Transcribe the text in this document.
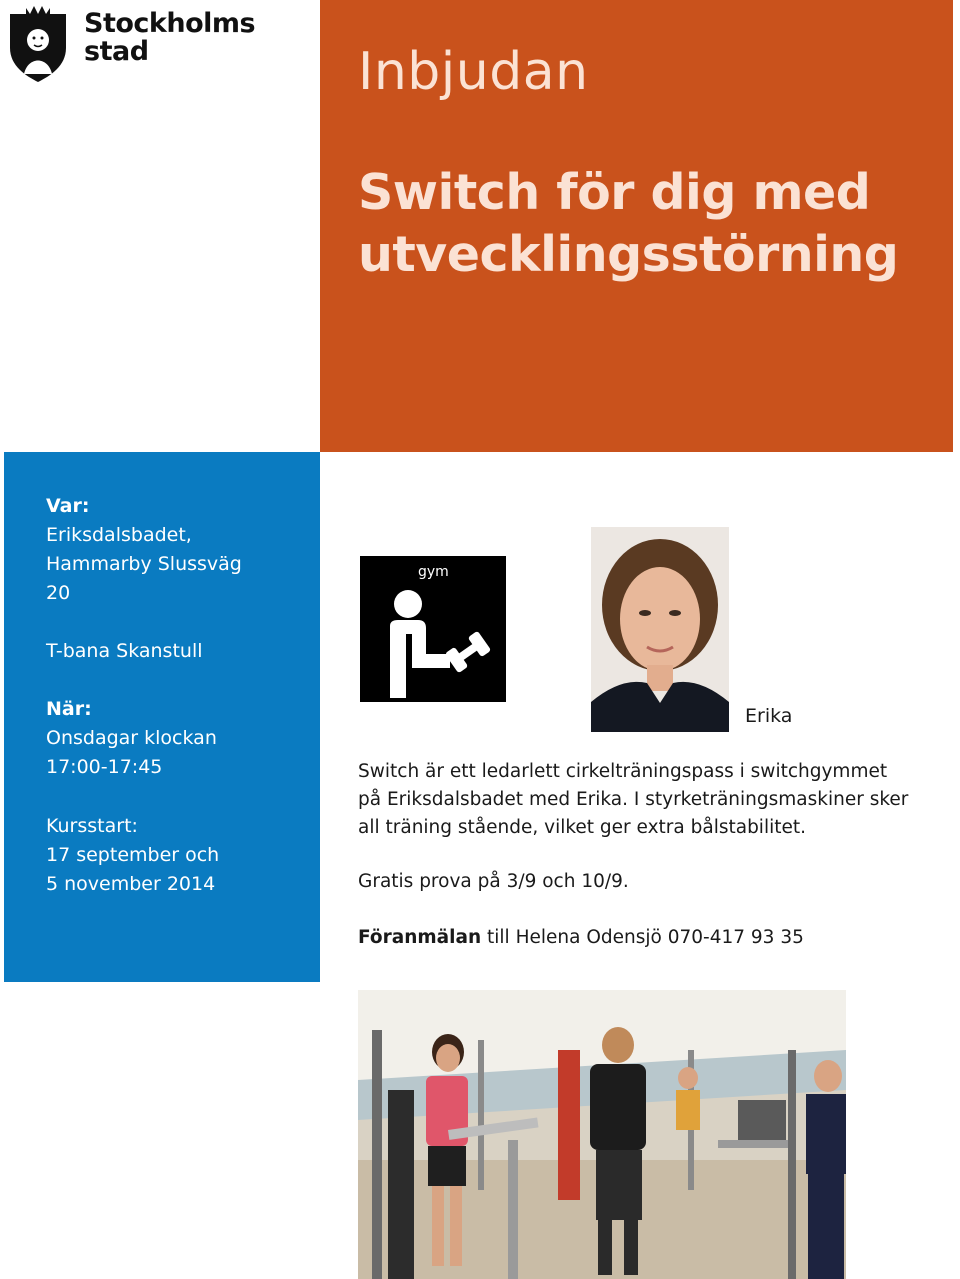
Stockholms
stad	Inbjudan
Switch för dig med
utvecklingsstörning
Var:
Eriksdalsbadet,
Hammarby Slussväg
20
T-bana Skanstull
När:
Onsdagar klockan
17:00-17:45
Kursstart:
17 september och
5 november 2014
gym
Erika
Switch är ett ledarlett cirkelträningspass i switchgymmet
på Eriksdalsbadet med Erika. I styrketräningsmaskiner sker
all träning stående, vilket ger extra bålstabilitet.
Gratis prova på 3/9 och 10/9.
Föranmälan till Helena Odensjö 070-417 93 35
